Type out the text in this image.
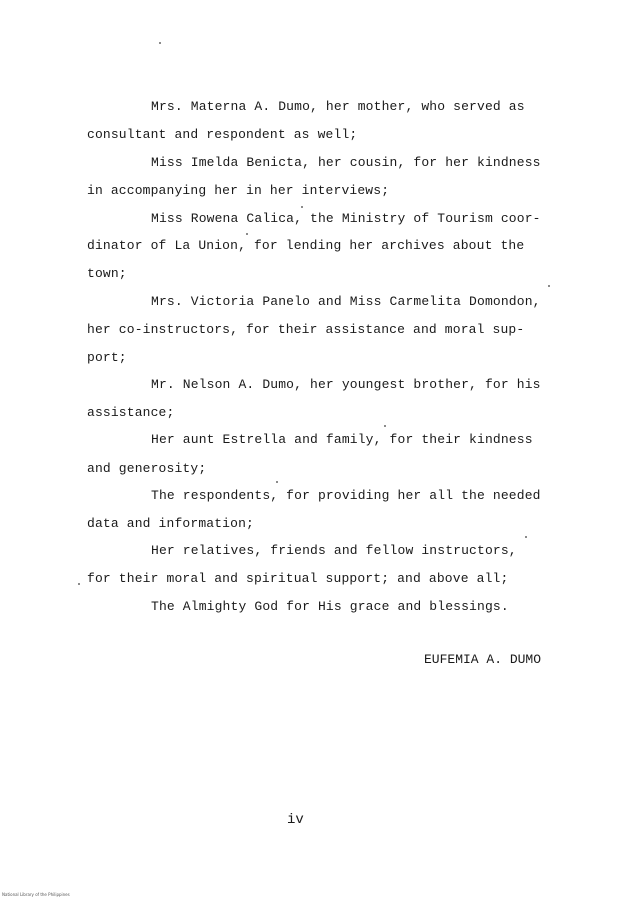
Mrs. Materna A. Dumo, her mother, who served as
consultant and respondent as well;
Miss Imelda Benicta, her cousin, for her kindness
in accompanying her in her interviews;
Miss Rowena Calica, the Ministry of Tourism coor-
dinator of La Union, for lending her archives about the
town;
Mrs. Victoria Panelo and Miss Carmelita Domondon,
her co-instructors, for their assistance and moral sup-
port;
Mr. Nelson A. Dumo, her youngest brother, for his
assistance;
Her aunt Estrella and family, for their kindness
and generosity;
The respondents, for providing her all the needed
data and information;
Her relatives, friends and fellow instructors,
for their moral and spiritual support; and above all;
The Almighty God for His grace and blessings.
EUFEMIA A. DUMO
iv
National Library of the Philippines
